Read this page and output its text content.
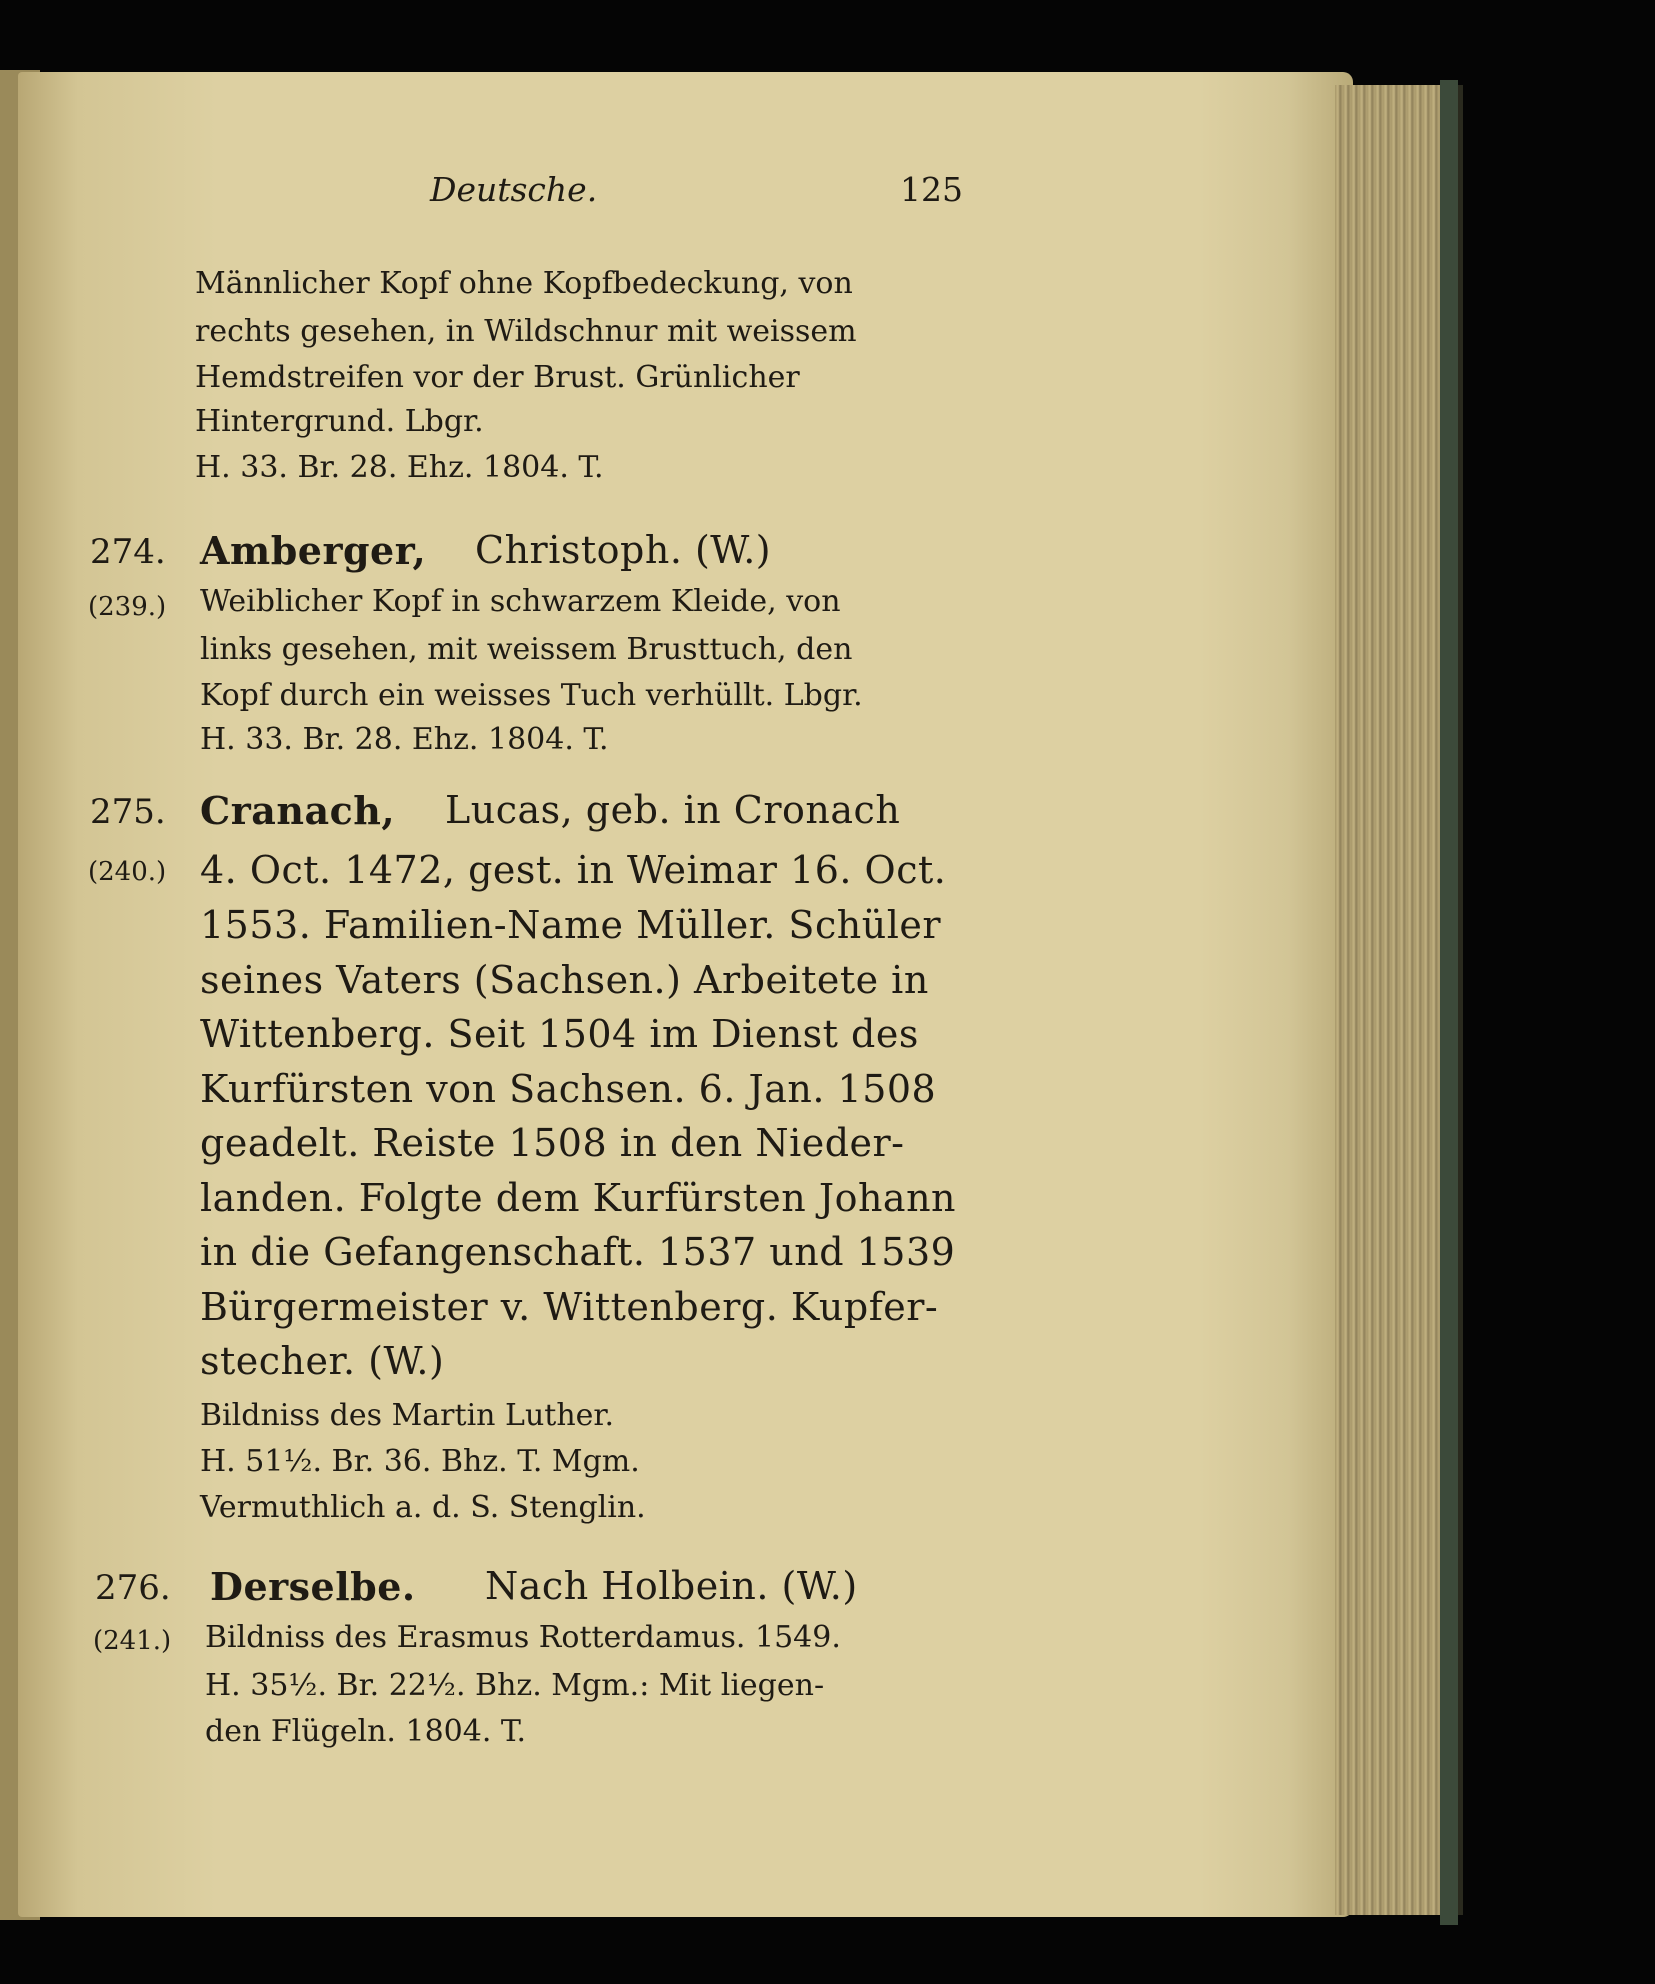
Deutsche.	125
Männlicher Kopf ohne Kopfbedeckung, von
rechts gesehen, in Wildschnur mit weissem
Hemdstreifen vor der Brust. Grünlicher
Hintergrund. Lbgr.
H. 33. Br. 28. Ehz. 1804. T.
274. Amberger, Christoph. (W.)
(239.) Weiblicher Kopf in schwarzem Kleide, von
links gesehen, mit weissem Brusttuch, den
Kopf durch ein weisses Tuch verhüllt. Lbgr.
H. 33. Br. 28. Ehz. 1804. T.
275. Cranach, Lucas, geb. in Cronach
(240.) 4. Oct. 1472, gest. in Weimar 16. Oct.
1553. Familien-Name Müller. Schüler
seines Vaters (Sachsen.) Arbeitete in
Wittenberg. Seit 1504 im Dienst des
Kurfürsten von Sachsen. 6. Jan. 1508
geadelt. Reiste 1508 in den Nieder-
landen. Folgte dem Kurfürsten Johann
in die Gefangenschaft. 1537 und 1539
Bürgermeister v. Wittenberg. Kupfer-
stecher. (W.)
Bildniss des Martin Luther.
H. 51½. Br. 36. Bhz. T. Mgm.
Vermuthlich a. d. S. Stenglin.
276. Derselbe. Nach Holbein. (W.)
(241.) Bildniss des Erasmus Rotterdamus. 1549.
H. 35½. Br. 22½. Bhz. Mgm.: Mit liegen-
den Flügeln. 1804. T.
